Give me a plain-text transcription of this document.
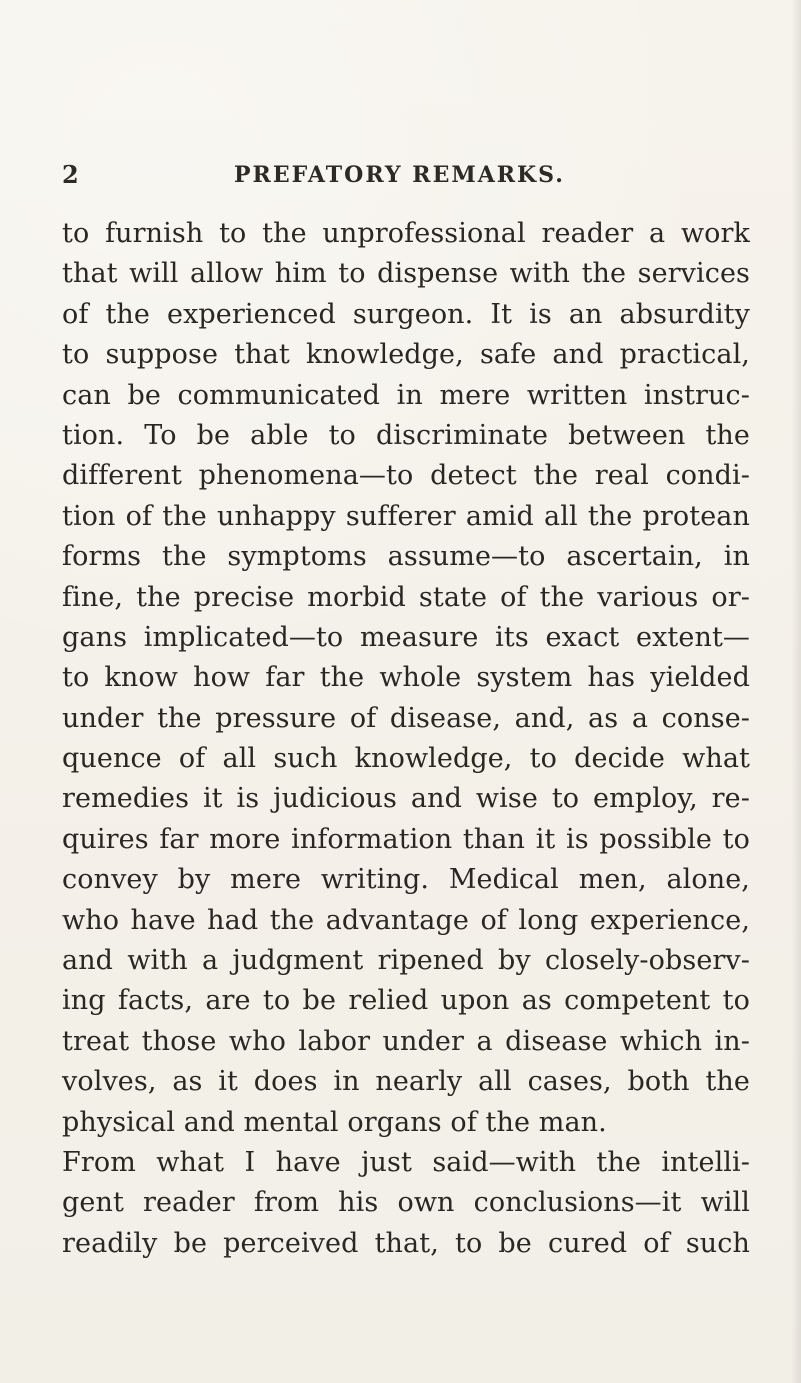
2	PREFATORY REMARKS.
to furnish to the unprofessional reader a work
that will allow him to dispense with the services
of the experienced surgeon. It is an absurdity
to suppose that knowledge, safe and practical,
can be communicated in mere written instruc-
tion. To be able to discriminate between the
different phenomena—to detect the real condi-
tion of the unhappy sufferer amid all the protean
forms the symptoms assume—to ascertain, in
fine, the precise morbid state of the various or-
gans implicated—to measure its exact extent—
to know how far the whole system has yielded
under the pressure of disease, and, as a conse-
quence of all such knowledge, to decide what
remedies it is judicious and wise to employ, re-
quires far more information than it is possible to
convey by mere writing. Medical men, alone,
who have had the advantage of long experience,
and with a judgment ripened by closely-observ-
ing facts, are to be relied upon as competent to
treat those who labor under a disease which in-
volves, as it does in nearly all cases, both the
physical and mental organs of the man.
From what I have just said—with the intelli-
gent reader from his own conclusions—it will
readily be perceived that, to be cured of such
